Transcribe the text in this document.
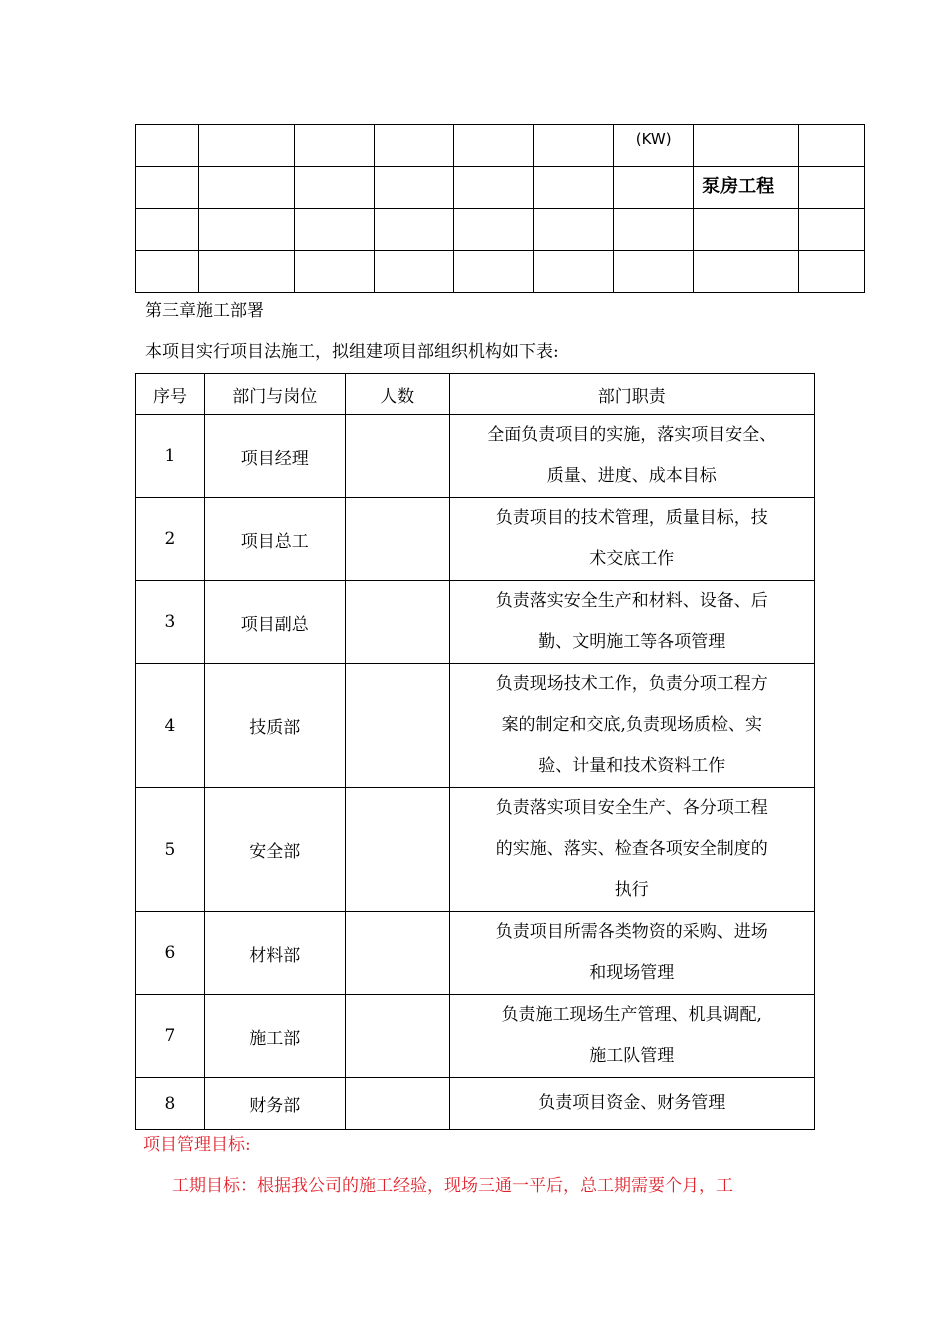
						(KW)		

							泵房工程	

第三章施工部署
本项目实行项目法施工，拟组建项目部组织机构如下表:
序号	部门与岗位	人数	部门职责
1	项目经理		全面负责项目的实施，落实项目安全、
质量、进度、成本目标

2	项目总工		负责项目的技术管理，质量目标，技
术交底工作

3	项目副总		负责落实安全生产和材料、设备、后
勤、文明施工等各项管理

4	技质部		负责现场技术工作，负责分项工程方
案的制定和交底,负责现场质检、实
验、计量和技术资料工作

5	安全部		负责落实项目安全生产、各分项工程
的实施、落实、检查各项安全制度的
执行

6	材料部		负责项目所需各类物资的采购、进场
和现场管理

7	施工部		负责施工现场生产管理、机具调配,
施工队管理

8	财务部		负责项目资金、财务管理
项目管理目标:
工期目标：根据我公司的施工经验，现场三通一平后，总工期需要个月，工
